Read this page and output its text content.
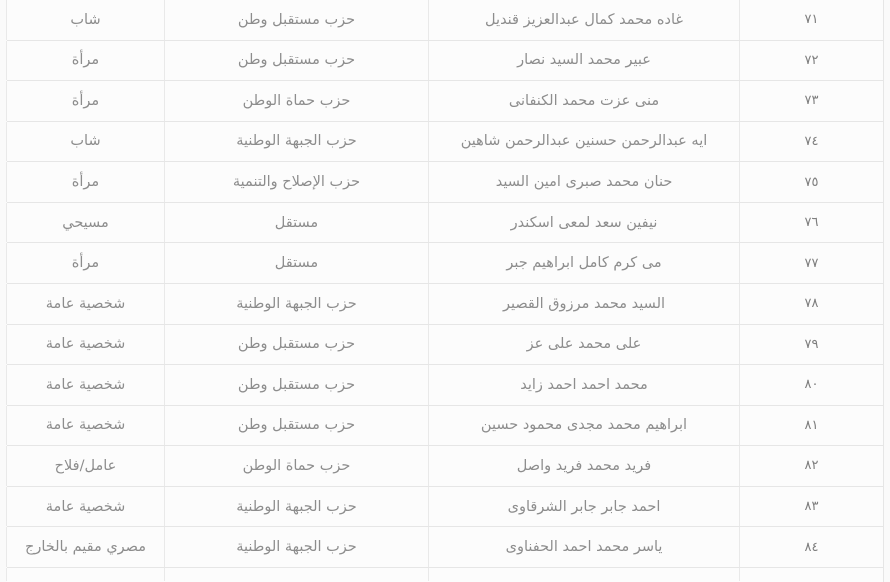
٧١
غاده محمد كمال عبدالعزيز قنديل
حزب مستقبل وطن
شاب
٧٢
عبير محمد السيد نصار
حزب مستقبل وطن
مرأة
٧٣
منى عزت محمد الكنفانى
حزب حماة الوطن
مرأة
٧٤
ايه عبدالرحمن حسنين عبدالرحمن شاهين
حزب الجبهة الوطنية
شاب
٧٥
حنان محمد صبرى امين السيد
حزب الإصلاح والتنمية
مرأة
٧٦
نيفين سعد لمعى اسكندر
مستقل
مسيحي
٧٧
مى كرم كامل ابراهيم جبر
مستقل
مرأة
٧٨
السيد محمد مرزوق القصير
حزب الجبهة الوطنية
شخصية عامة
٧٩
على محمد على عز
حزب مستقبل وطن
شخصية عامة
٨٠
محمد احمد احمد زايد
حزب مستقبل وطن
شخصية عامة
٨١
ابراهيم محمد مجدى محمود حسين
حزب مستقبل وطن
شخصية عامة
٨٢
فريد محمد فريد واصل
حزب حماة الوطن
عامل/فلاح
٨٣
احمد جابر جابر الشرقاوى
حزب الجبهة الوطنية
شخصية عامة
٨٤
ياسر محمد احمد الحفناوى
حزب الجبهة الوطنية
مصري مقيم بالخارج
